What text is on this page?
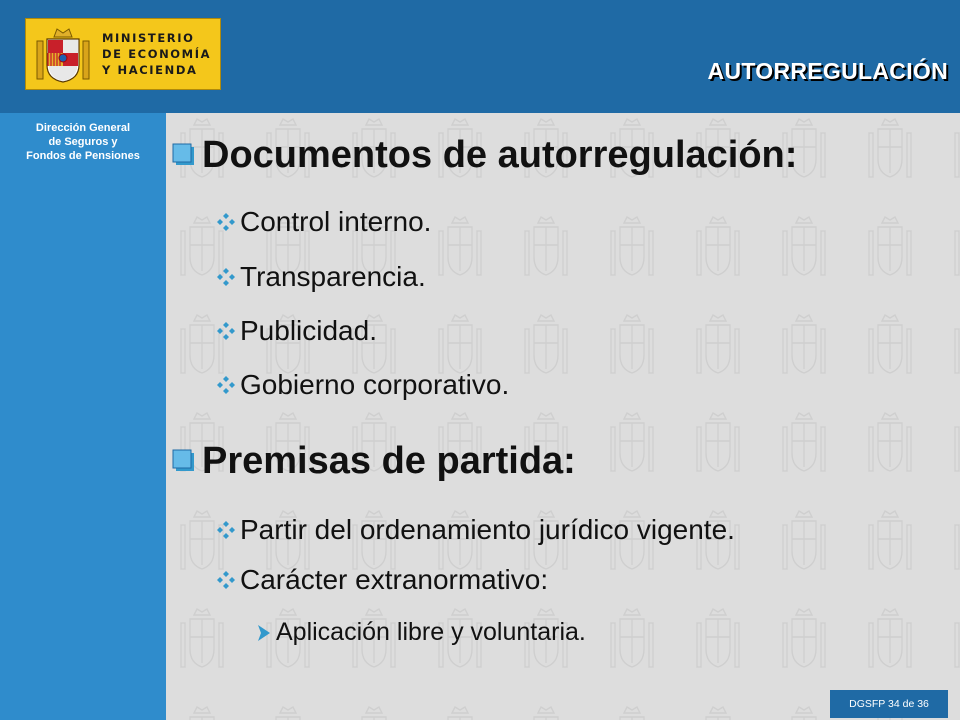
MINISTERIO
DE ECONOMÍA
Y HACIENDA	AUTORREGULACIÓN
Dirección General
de Seguros y
Fondos de Pensiones	Documentos de autorregulación:
Control interno.
Transparencia.
Publicidad.
Gobierno corporativo.
Premisas de partida:
Partir del ordenamiento jurídico vigente.
Carácter extranormativo:
Aplicación libre y voluntaria.
DGSFP 34 de 36
